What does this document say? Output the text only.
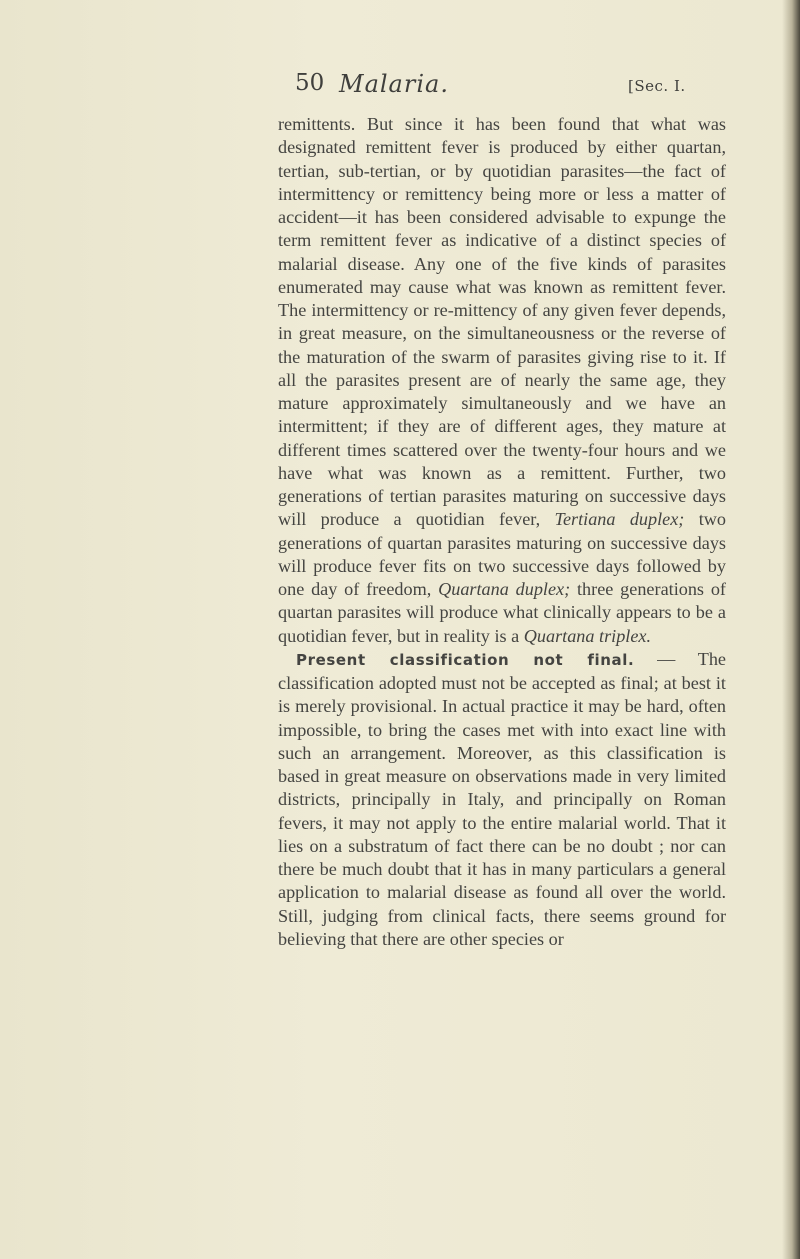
50 Malaria.	[Sec. I.

remittents. But since it has been found that what was designated remittent fever is produced by either quartan, tertian, sub-tertian, or by quotidian parasites—the fact of intermittency or remittency being more or less a matter of accident—it has been considered advisable to expunge the term remittent fever as indicative of a distinct species of malarial disease. Any one of the five kinds of parasites enumerated may cause what was known as remittent fever. The intermittency or re-mittency of any given fever depends, in great measure, on the simultaneousness or the reverse of the maturation of the swarm of parasites giving rise to it. If all the parasites present are of nearly the same age, they mature approximately simultaneously and we have an intermittent; if they are of different ages, they mature at different times scattered over the twenty-four hours and we have what was known as a remittent. Further, two generations of tertian parasites maturing on successive days will produce a quotidian fever, Tertiana duplex; two generations of quartan parasites maturing on successive days will produce fever fits on two successive days followed by one day of freedom, Quartana duplex; three generations of quartan parasites will produce what clinically appears to be a quotidian fever, but in reality is a Quartana triplex.

Present classification not final. — The classification adopted must not be accepted as final; at best it is merely provisional. In actual practice it may be hard, often impossible, to bring the cases met with into exact line with such an arrangement. Moreover, as this classification is based in great measure on observations made in very limited districts, principally in Italy, and principally on Roman fevers, it may not apply to the entire malarial world. That it lies on a substratum of fact there can be no doubt ; nor can there be much doubt that it has in many particulars a general application to malarial disease as found all over the world. Still, judging from clinical facts, there seems ground for believing that there are other species or
